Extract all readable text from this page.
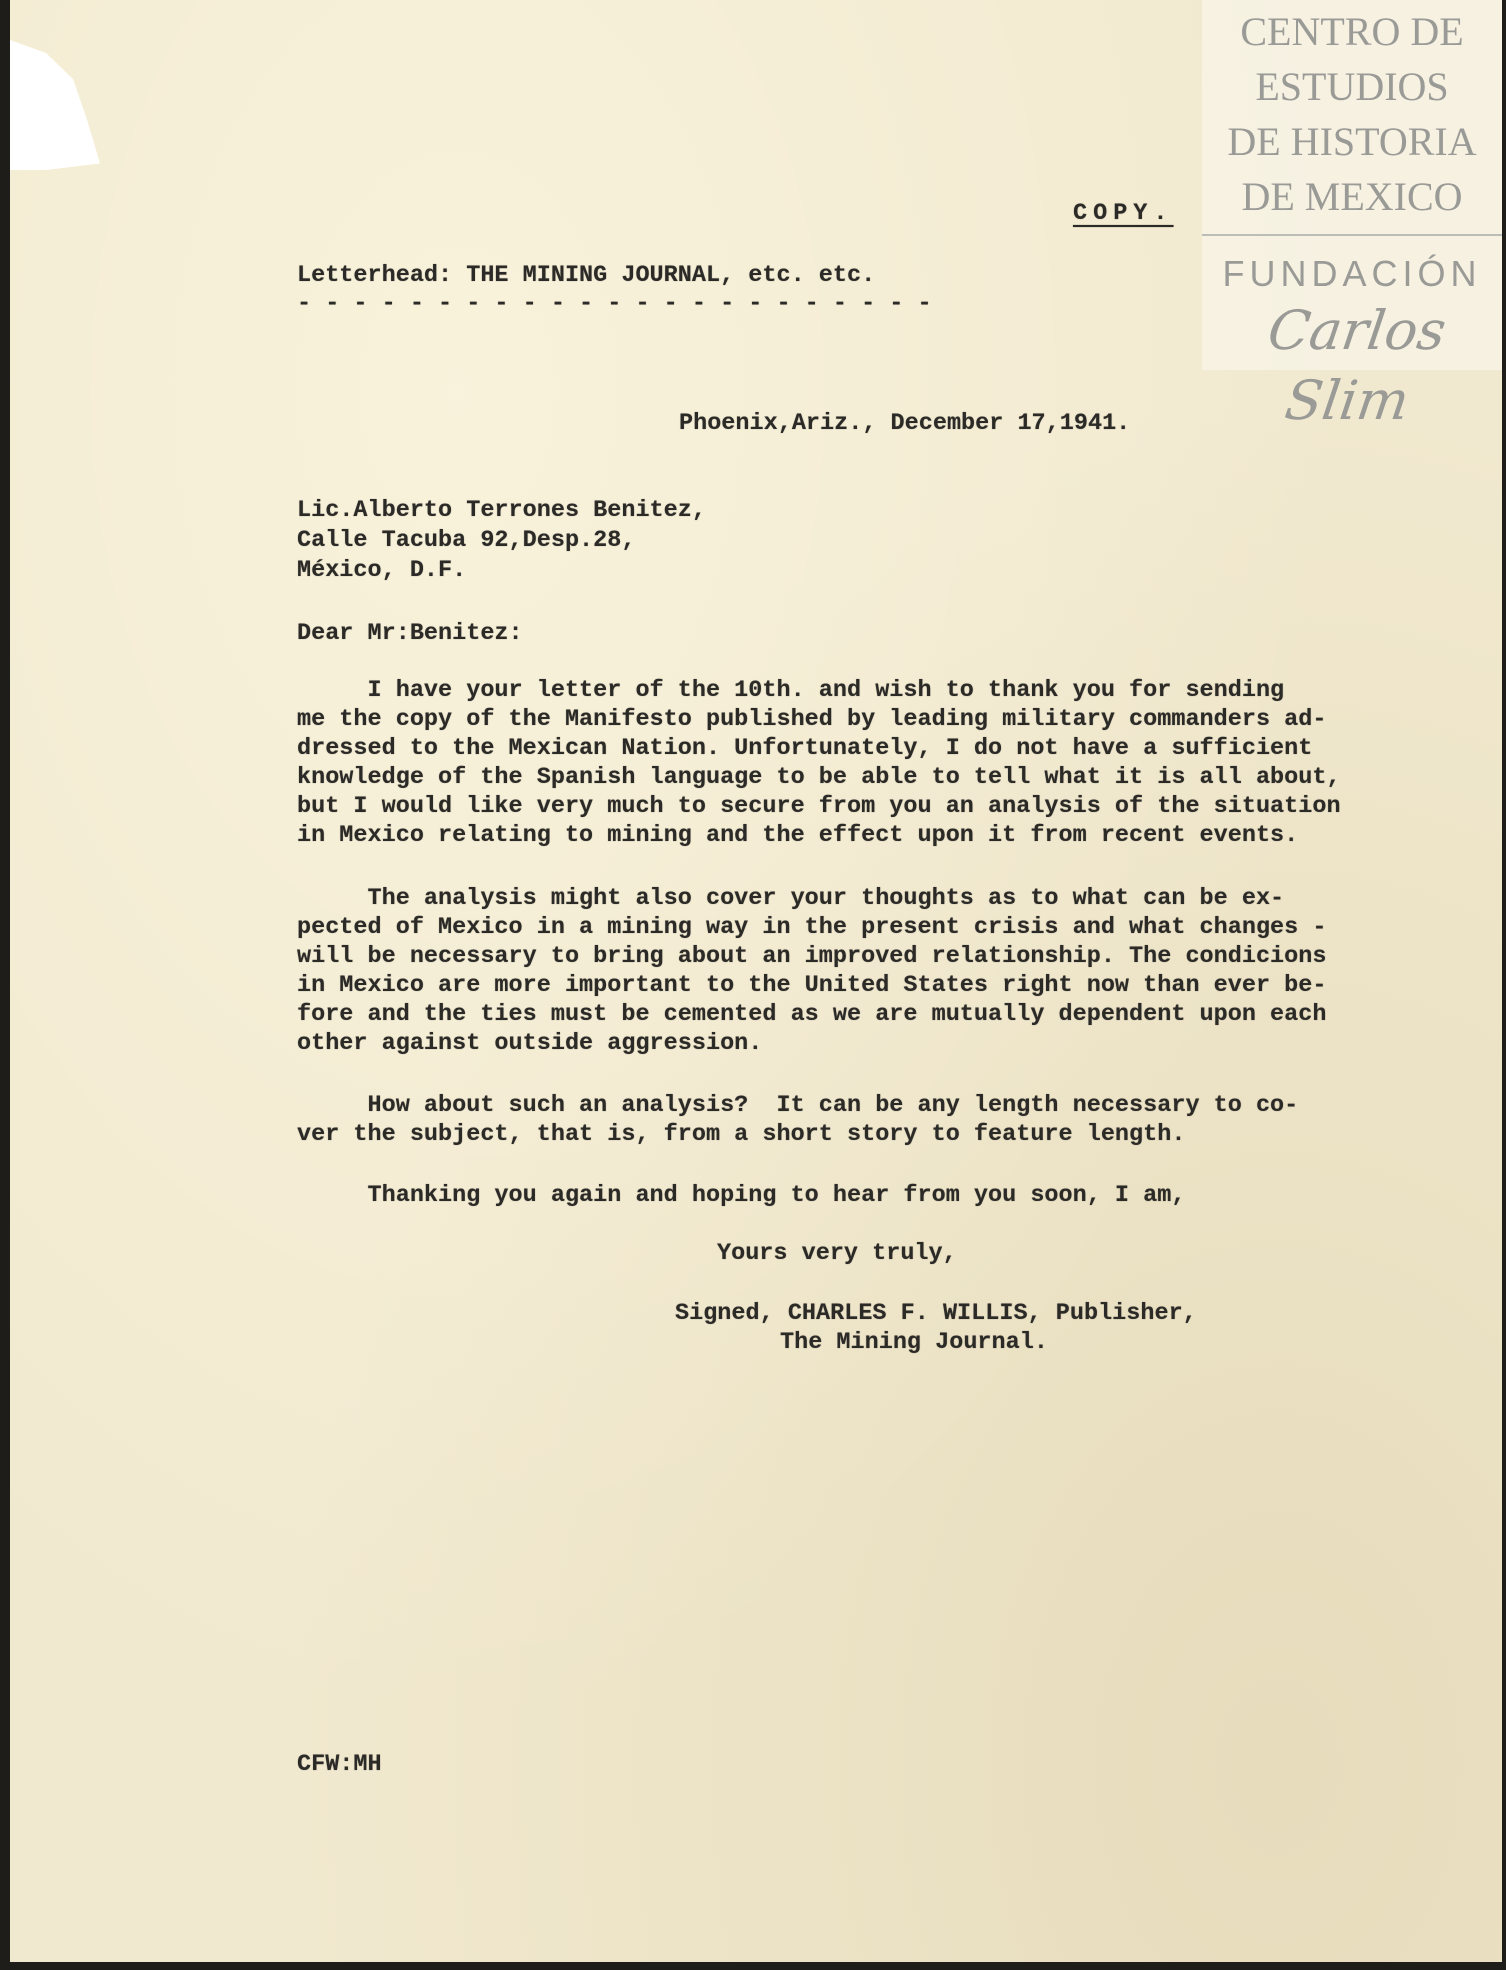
CENTRO DE
ESTUDIOS
DE HISTORIA
DE MEXICO
FUNDACIÓN
Carlos Slim
COPY.
Letterhead: THE MINING JOURNAL, etc. etc.
- - - - - - - - - - - - - - - - - - - - - - -
Phoenix,Ariz., December 17,1941.
Lic.Alberto Terrones Benitez,
Calle Tacuba 92,Desp.28,
México, D.F.
Dear Mr:Benitez:
I have your letter of the 10th. and wish to thank you for sending
me the copy of the Manifesto published by leading military commanders ad-
dressed to the Mexican Nation. Unfortunately, I do not have a sufficient
knowledge of the Spanish language to be able to tell what it is all about,
but I would like very much to secure from you an analysis of the situation
in Mexico relating to mining and the effect upon it from recent events.
The analysis might also cover your thoughts as to what can be ex-
pected of Mexico in a mining way in the present crisis and what changes -
will be necessary to bring about an improved relationship. The condicions
in Mexico are more important to the United States right now than ever be-
fore and the ties must be cemented as we are mutually dependent upon each
other against outside aggression.
How about such an analysis?  It can be any length necessary to co-
ver the subject, that is, from a short story to feature length.
Thanking you again and hoping to hear from you soon, I am,
Yours very truly,
Signed, CHARLES F. WILLIS, Publisher,
The Mining Journal.
CFW:MH
